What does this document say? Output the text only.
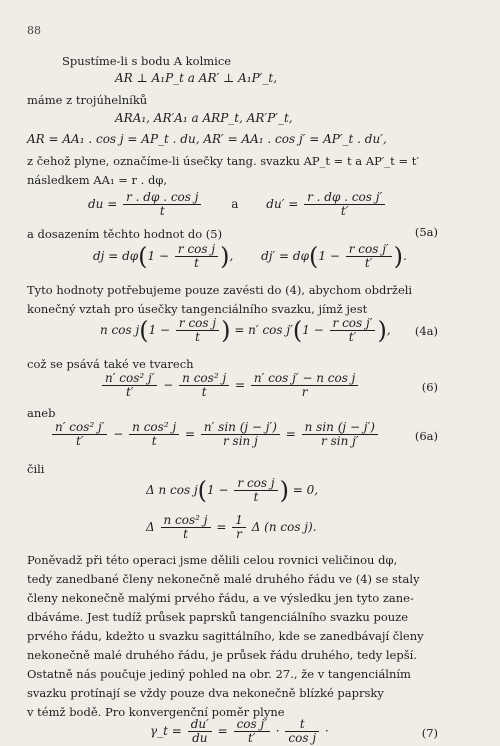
88
Spustíme-li s bodu A kolmice
AR ⊥ A₁P_t a AR′ ⊥ A₁P′_t,
máme z trojúhelníků
ARA₁, AR′A₁ a ARP_t, AR′P′_t,
AR = AA₁ . cos j = AP_t . du, AR′ = AA₁ . cos j′ = AP′_t . du′,
z čehož plyne, označíme-li úsečky tang. svazku AP_t = t a AP′_t = t′
následkem AA₁ = r . dφ,
du = $\frac{\text{r . dφ . cos j}}{t}$ a $du' = \frac{\text{r . dφ . cos j′}}{t'}$
(5a)
a dosazením těchto hodnot do (5)
dj = $d\varphi(1 - \frac{\text{r cos j}}{t}$ ), $dj' = d\varphi(1 - \frac{\text{r cos j′}}{t'}$ ).
Tyto hodnoty potřebujeme pouze zavésti do (4), abychom obdrželi
konečný vztah pro úsečky tangenciálního svazku, jímž jest
n $\cos j(1 - \frac{\text{r cos j}}{t}$ ) = n′ $\cos j'(1 - \frac{\text{r cos j′}}{t'}$ ), (4a)
což se psává také ve tvarech
$\frac{\text{n′ cos² j′}}{t'} - \frac{\text{n cos² j}}{t} = \frac{\text{n′ cos j′ − n cos j}}{r}$	(6)
aneb
$\frac{\text{n′ cos² j′}}{t'} - \frac{\text{n cos² j}}{t} = \frac{n' \sin (j - j')}{\text{r sin j}} = \frac{\text{n sin (j − j′)}}{\text{r sin j′}}$	(6a)
čili
Δ n $\cos j(1 - \frac{\text{r cos j}}{t}$ ) = 0,
Δ $\frac{\text{n cos² j}}{t} = \frac{1}{r}$ Δ (n cos j).
Poněvadž při této operaci jsme dělili celou rovnici veličinou dφ,
tedy zanedbané členy nekonečně malé druhého řádu ve (4) se staly
členy nekonečně malými prvého řádu, a ve výsledku jen tyto zane-
dbáváme. Jest tudíž průsek paprsků tangenciálního svazku pouze
prvého řádu, kdežto u svazku sagittálního, kde se zanedbávají členy
nekonečně malé druhého řádu, je průsek řádu druhého, tedy lepší.
Ostatně nás poučuje jediný pohled na obr. 27., že v tangenciálním
svazku protínají se vždy pouze dva nekonečně blízké paprsky
v témž bodě. Pro konvergenční poměr plyne
γ_t = $\frac{du'}{du} = \frac{\text{cos j′}}{t'} \cdot \frac{t}{\text{cos j}}$ ·	(7)
